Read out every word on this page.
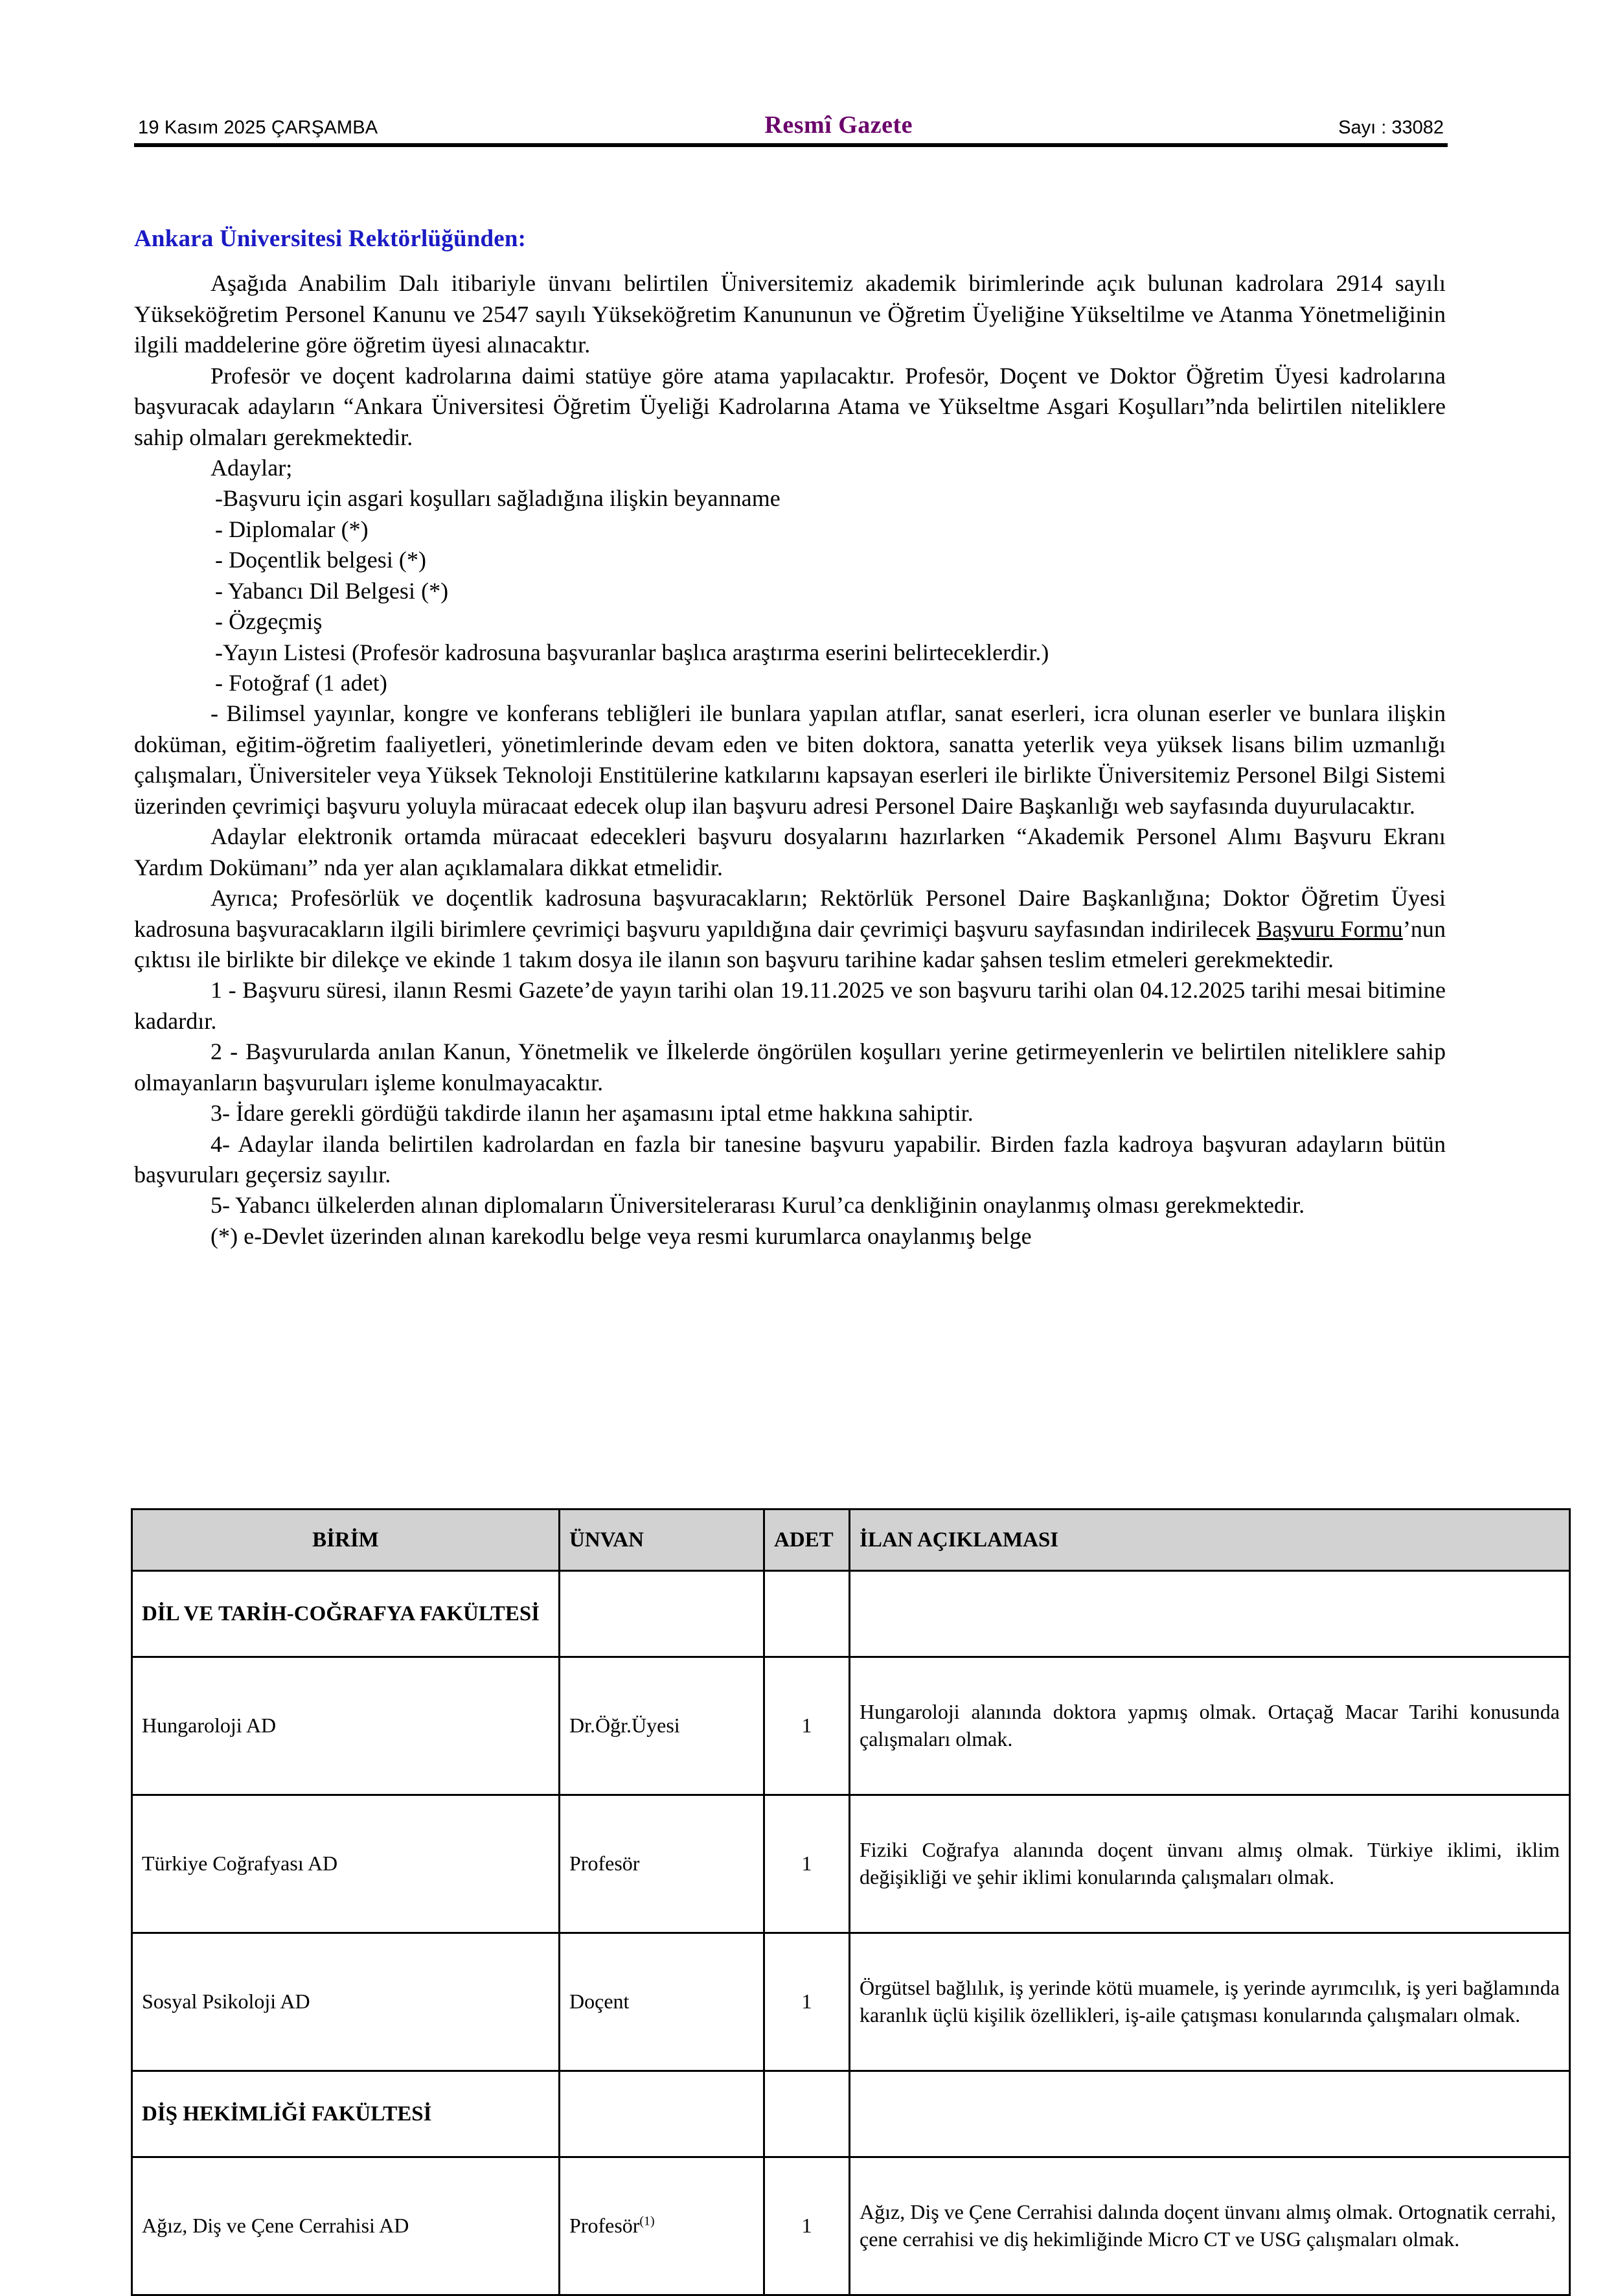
19 Kasım 2025 ÇARŞAMBA	Resmî Gazete	Sayı : 33082
Ankara Üniversitesi Rektörlüğünden:

Aşağıda Anabilim Dalı itibariyle ünvanı belirtilen Üniversitemiz akademik birimlerinde açık bulunan kadrolara 2914 sayılı Yükseköğretim Personel Kanunu ve 2547 sayılı Yükseköğretim Kanununun ve Öğretim Üyeliğine Yükseltilme ve Atanma Yönetmeliğinin ilgili maddelerine göre öğretim üyesi alınacaktır.

Profesör ve doçent kadrolarına daimi statüye göre atama yapılacaktır. Profesör, Doçent ve Doktor Öğretim Üyesi kadrolarına başvuracak adayların “Ankara Üniversitesi Öğretim Üyeliği Kadrolarına Atama ve Yükseltme Asgari Koşulları”nda belirtilen niteliklere sahip olmaları gerekmektedir.

Adaylar;

-Başvuru için asgari koşulları sağladığına ilişkin beyanname

- Diplomalar (*)

- Doçentlik belgesi (*)

- Yabancı Dil Belgesi (*)

- Özgeçmiş

-Yayın Listesi (Profesör kadrosuna başvuranlar başlıca araştırma eserini belirteceklerdir.)

- Fotoğraf (1 adet)

- Bilimsel yayınlar, kongre ve konferans tebliğleri ile bunlara yapılan atıflar, sanat eserleri, icra olunan eserler ve bunlara ilişkin doküman, eğitim-öğretim faaliyetleri, yönetimlerinde devam eden ve biten doktora, sanatta yeterlik veya yüksek lisans bilim uzmanlığı çalışmaları, Üniversiteler veya Yüksek Teknoloji Enstitülerine katkılarını kapsayan eserleri ile birlikte Üniversitemiz Personel Bilgi Sistemi üzerinden çevrimiçi başvuru yoluyla müracaat edecek olup ilan başvuru adresi Personel Daire Başkanlığı web sayfasında duyurulacaktır.

Adaylar elektronik ortamda müracaat edecekleri başvuru dosyalarını hazırlarken “Akademik Personel Alımı Başvuru Ekranı Yardım Dokümanı” nda yer alan açıklamalara dikkat etmelidir.

Ayrıca; Profesörlük ve doçentlik kadrosuna başvuracakların; Rektörlük Personel Daire Başkanlığına; Doktor Öğretim Üyesi kadrosuna başvuracakların ilgili birimlere çevrimiçi başvuru yapıldığına dair çevrimiçi başvuru sayfasından indirilecek Başvuru Formu’nun çıktısı ile birlikte bir dilekçe ve ekinde 1 takım dosya ile ilanın son başvuru tarihine kadar şahsen teslim etmeleri gerekmektedir.

1 - Başvuru süresi, ilanın Resmi Gazete’de yayın tarihi olan 19.11.2025 ve son başvuru tarihi olan 04.12.2025 tarihi mesai bitimine kadardır.

2 - Başvurularda anılan Kanun, Yönetmelik ve İlkelerde öngörülen koşulları yerine getirmeyenlerin ve belirtilen niteliklere sahip olmayanların başvuruları işleme konulmayacaktır.

3- İdare gerekli gördüğü takdirde ilanın her aşamasını iptal etme hakkına sahiptir.

4- Adaylar ilanda belirtilen kadrolardan en fazla bir tanesine başvuru yapabilir. Birden fazla kadroya başvuran adayların bütün başvuruları geçersiz sayılır.

5- Yabancı ülkelerden alınan diplomaların Üniversitelerarası Kurul’ca denkliğinin onaylanmış olması gerekmektedir.

(*) e-Devlet üzerinden alınan karekodlu belge veya resmi kurumlarca onaylanmış belge

BİRİM	ÜNVAN	ADET	İLAN AÇIKLAMASI
DİL VE TARİH-COĞRAFYA FAKÜLTESİ			
Hungaroloji AD	Dr.Öğr.Üyesi	1	Hungaroloji alanında doktora yapmış olmak. Ortaçağ Macar Tarihi konusunda çalışmaları olmak.
Türkiye Coğrafyası AD	Profesör	1	Fiziki Coğrafya alanında doçent ünvanı almış olmak. Türkiye iklimi, iklim değişikliği ve şehir iklimi konularında çalışmaları olmak.
Sosyal Psikoloji AD	Doçent	1	Örgütsel bağlılık, iş yerinde kötü muamele, iş yerinde ayrımcılık, iş yeri bağlamında karanlık üçlü kişilik özellikleri, iş-aile çatışması konularında çalışmaları olmak.
DİŞ HEKİMLİĞİ FAKÜLTESİ			
Ağız, Diş ve Çene Cerrahisi AD	Profesör$^{(1)}$	1	Ağız, Diş ve Çene Cerrahisi dalında doçent ünvanı almış olmak. Ortognatik cerrahi, çene cerrahisi ve diş hekimliğinde Micro CT ve USG çalışmaları olmak.
